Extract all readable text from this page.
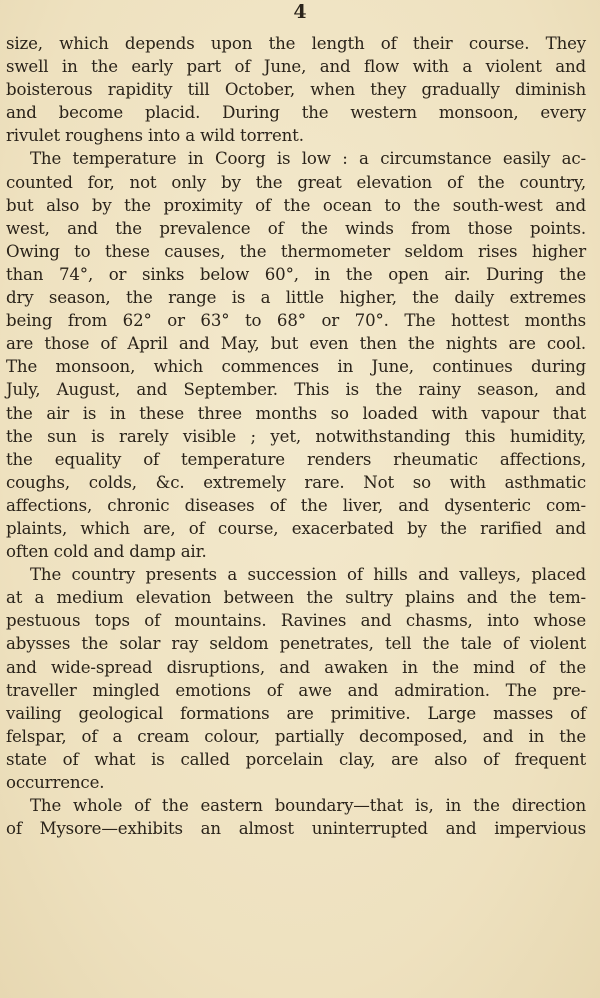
4
size, which depends upon the length of their course. They
swell in the early part of June, and flow with a violent and
boisterous rapidity till October, when they gradually diminish
and become placid. During the western monsoon, every
rivulet roughens into a wild torrent.
The temperature in Coorg is low : a circumstance easily ac-
counted for, not only by the great elevation of the country,
but also by the proximity of the ocean to the south-west and
west, and the prevalence of the winds from those points.
Owing to these causes, the thermometer seldom rises higher
than 74°, or sinks below 60°, in the open air. During the
dry season, the range is a little higher, the daily extremes
being from 62° or 63° to 68° or 70°. The hottest months
are those of April and May, but even then the nights are cool.
The monsoon, which commences in June, continues during
July, August, and September. This is the rainy season, and
the air is in these three months so loaded with vapour that
the sun is rarely visible ; yet, notwithstanding this humidity,
the equality of temperature renders rheumatic affections,
coughs, colds, &c. extremely rare. Not so with asthmatic
affections, chronic diseases of the liver, and dysenteric com-
plaints, which are, of course, exacerbated by the rarified and
often cold and damp air.
The country presents a succession of hills and valleys, placed
at a medium elevation between the sultry plains and the tem-
pestuous tops of mountains. Ravines and chasms, into whose
abysses the solar ray seldom penetrates, tell the tale of violent
and wide-spread disruptions, and awaken in the mind of the
traveller mingled emotions of awe and admiration. The pre-
vailing geological formations are primitive. Large masses of
felspar, of a cream colour, partially decomposed, and in the
state of what is called porcelain clay, are also of frequent
occurrence.
The whole of the eastern boundary—that is, in the direction
of Mysore—exhibits an almost uninterrupted and impervious
